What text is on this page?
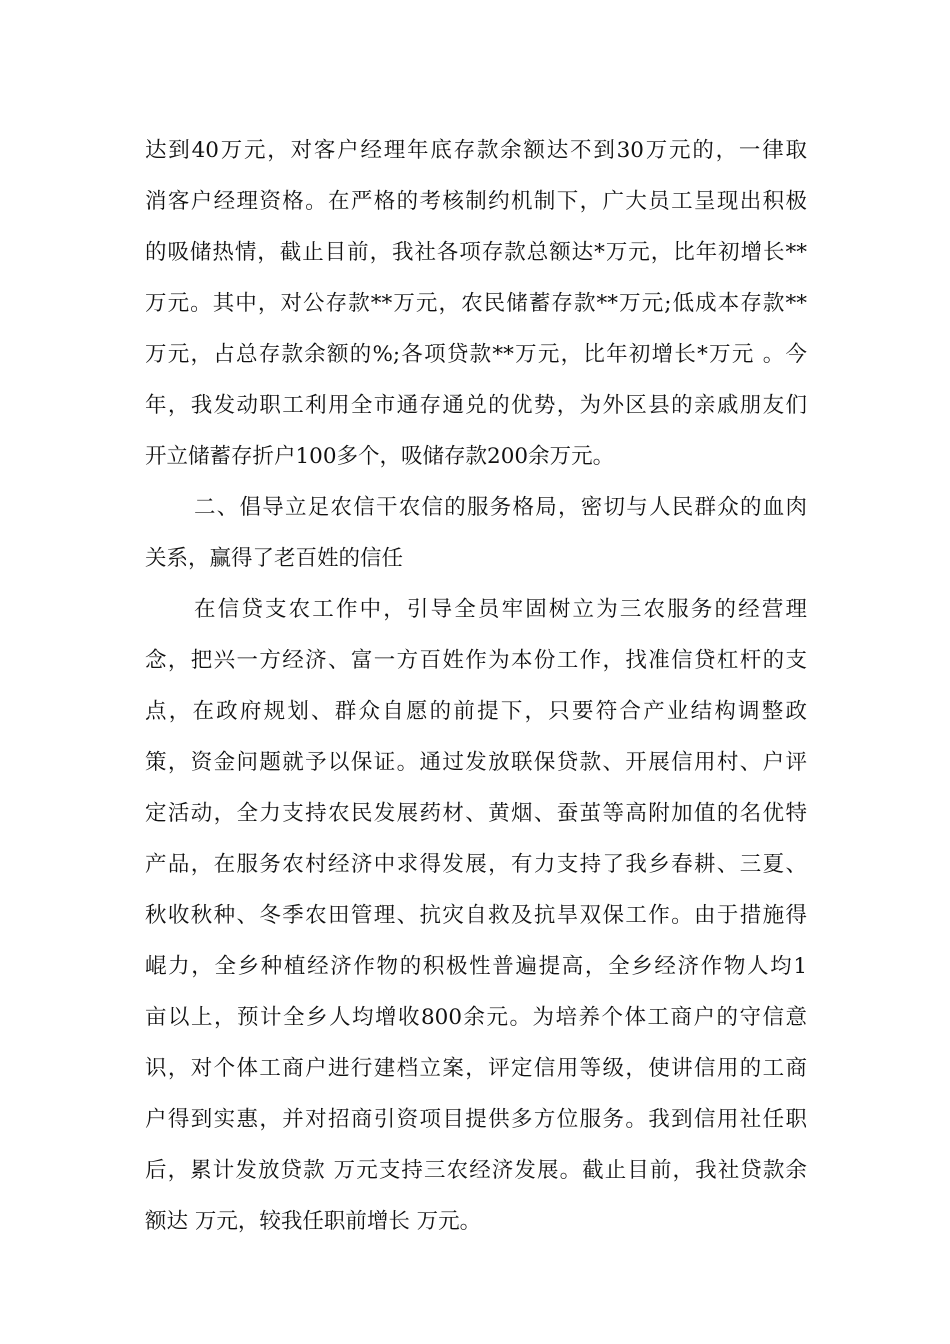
达到40万元，对客户经理年底存款余额达不到30万元的，一律取
消客户经理资格。在严格的考核制约机制下，广大员工呈现出积极
的吸储热情，截止目前，我社各项存款总额达*万元，比年初增长**
万元。其中，对公存款**万元，农民储蓄存款**万元;低成本存款**
万元，占总存款余额的%;各项贷款**万元，比年初增长*万元 。今
年，我发动职工利用全市通存通兑的优势，为外区县的亲戚朋友们
开立储蓄存折户100多个，吸储存款200余万元。
二、倡导立足农信干农信的服务格局，密切与人民群众的血肉
关系，赢得了老百姓的信任
在信贷支农工作中，引导全员牢固树立为三农服务的经营理
念，把兴一方经济、富一方百姓作为本份工作，找准信贷杠杆的支
点，在政府规划、群众自愿的前提下，只要符合产业结构调整政
策，资金问题就予以保证。通过发放联保贷款、开展信用村、户评
定活动，全力支持农民发展药材、黄烟、蚕茧等高附加值的名优特
产品，在服务农村经济中求得发展，有力支持了我乡春耕、三夏、
秋收秋种、冬季农田管理、抗灾自救及抗旱双保工作。由于措施得
崐力，全乡种植经济作物的积极性普遍提高，全乡经济作物人均1
亩以上，预计全乡人均增收800余元。为培养个体工商户的守信意
识，对个体工商户进行建档立案，评定信用等级，使讲信用的工商
户得到实惠，并对招商引资项目提供多方位服务。我到信用社任职
后，累计发放贷款 万元支持三农经济发展。截止目前，我社贷款余
额达 万元，较我任职前增长 万元。
